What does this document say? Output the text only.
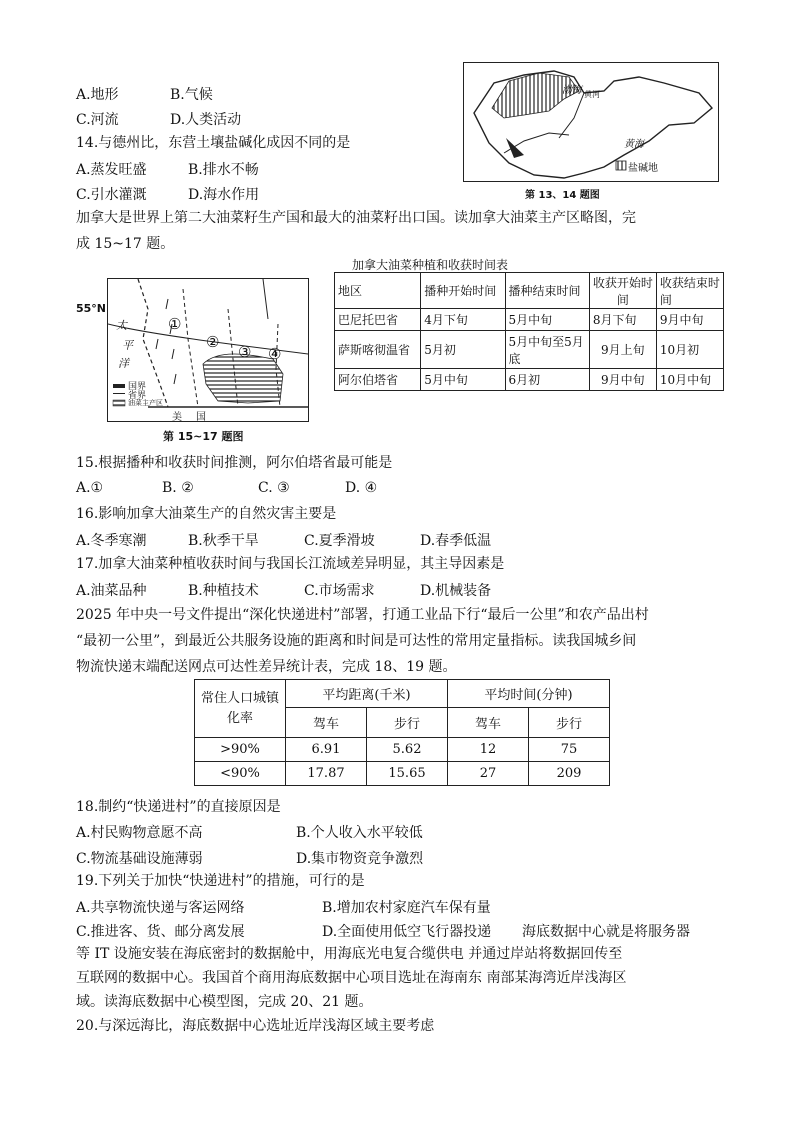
A.地形	B.气候
C.河流	D.人类活动
渤海 黄河
黄海
盐碱地
第 13、14 题图
14.与德州比，东营土壤盐碱化成因不同的是
A.蒸发旺盛	B.排水不畅
C.引水灌溉	D.海水作用
加拿大是世界上第二大油菜籽生产国和最大的油菜籽出口国。读加拿大油菜主产区略图，完
成 15~17 题。
55°N
①
②
③ ④
太
平
洋
国界
省界
油菜主产区
美 国
第 15~17 题图
加拿大油菜种植和收获时间表
地区	播种开始时间	播种结束时间	收获开始时间	收获结束时间
巴尼托巴省	4月下旬	5月中旬	8月下旬	9月中旬
萨斯喀彻温省	5月初	5月中旬至5月底	9月上旬	10月初
阿尔伯塔省	5月中旬	6月初	9月中旬	10月中旬
15.根据播种和收获时间推测，阿尔伯塔省最可能是
A.①	B. ②	C. ③	D. ④
16.影响加拿大油菜生产的自然灾害主要是
A.冬季寒潮	B.秋季干旱	C.夏季滑坡	D.春季低温
17.加拿大油菜种植收获时间与我国长江流域差异明显，其主导因素是
A.油菜品种	B.种植技术	C.市场需求	D.机械装备
2025 年中央一号文件提出“深化快递进村”部署，打通工业品下行“最后一公里”和农产品出村
“最初一公里”，到最近公共服务设施的距离和时间是可达性的常用定量指标。读我国城乡间
物流快递末端配送网点可达性差异统计表，完成 18、19 题。
常住人口城镇化率	平均距离(千米)		平均时间(分钟)	
	驾车	步行	驾车	步行
>90%	6.91	5.62	12	75
<90%	17.87	15.65	27	209
18.制约“快递进村”的直接原因是
A.村民购物意愿不高	B.个人收入水平较低
C.物流基础设施薄弱	D.集市物资竞争激烈
19.下列关于加快“快递进村”的措施，可行的是
A.共享物流快递与客运网络	B.增加农村家庭汽车保有量
C.推进客、货、邮分离发展	D.全面使用低空飞行器投递 海底数据中心就是将服务器
等 IT 设施安装在海底密封的数据舱中，用海底光电复合缆供电 并通过岸站将数据回传至
互联网的数据中心。我国首个商用海底数据中心项目选址在海南东 南部某海湾近岸浅海区
域。读海底数据中心模型图，完成 20、21 题。
20.与深远海比，海底数据中心选址近岸浅海区域主要考虑
